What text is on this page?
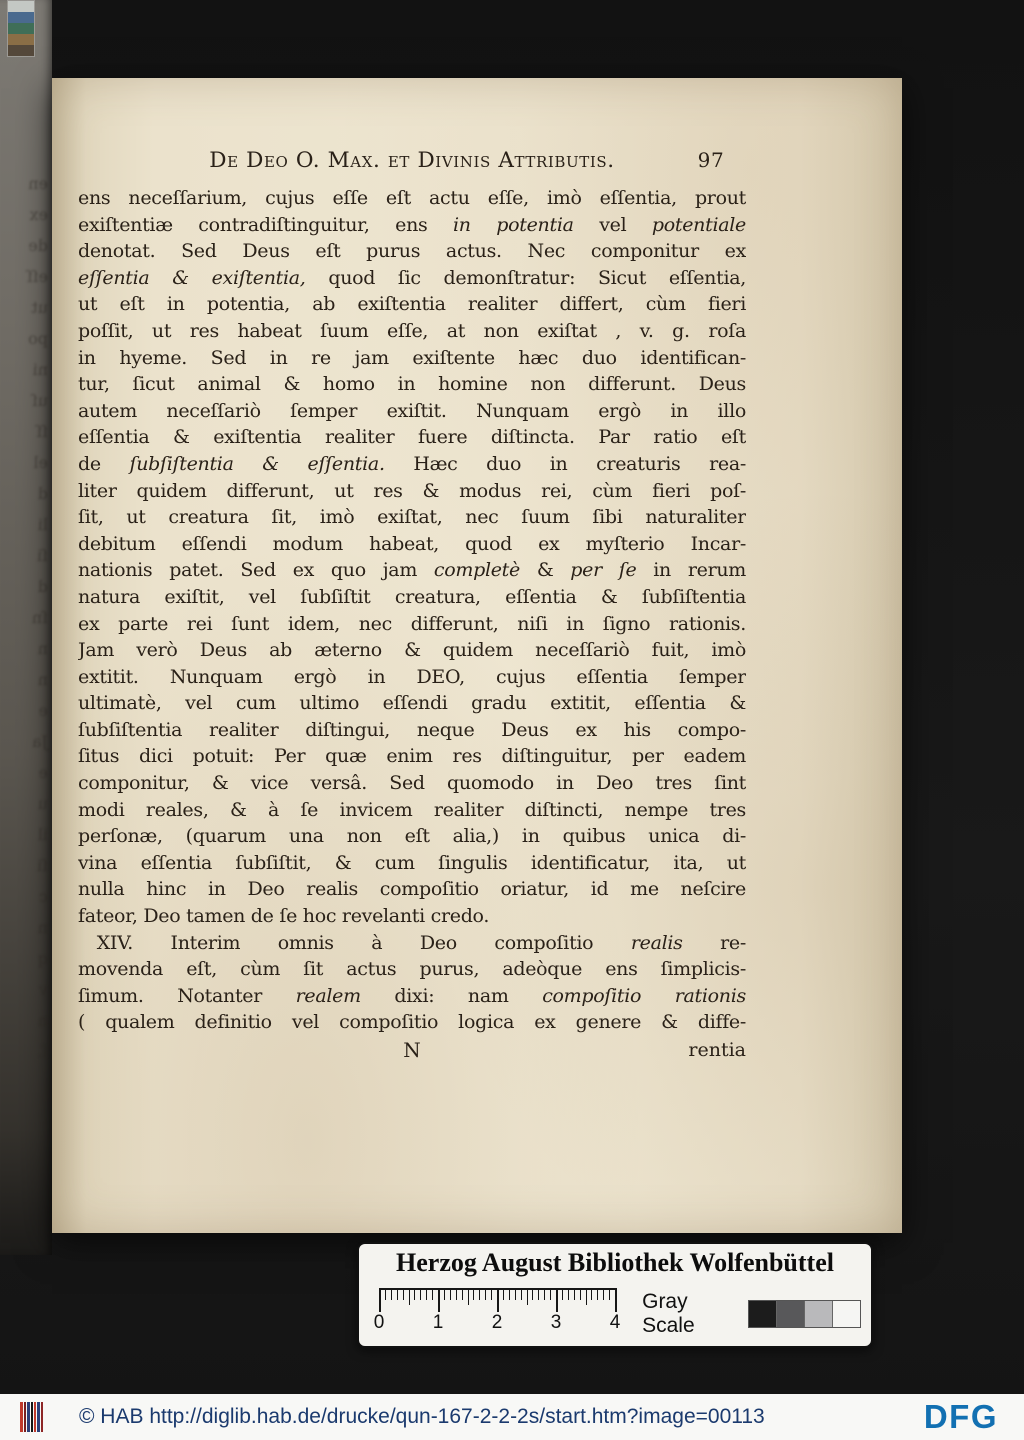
en
ex
de
eſſ
ut
po
ni
uſ
ſſ
el
d
li
ſi
d
ſn
n
n
e
Ja
e
u
il
ſi
c
n
q
v
n
ſ.
De Deo O. Max. et Divinis Attributis.	97
ens neceſſarium, cujus eſſe eſt actu eſſe, imò eſſentia, prout
exiſtentiæ contradiſtinguitur, ens in potentia vel potentiale
denotat. Sed Deus eſt purus actus. Nec componitur ex
eſſentia & exiſtentia, quod ſic demonſtratur: Sicut eſſentia,
ut eſt in potentia, ab exiſtentia realiter differt, cùm fieri
poſſit, ut res habeat ſuum eſſe, at non exiſtat , v. g. roſa
in hyeme. Sed in re jam exiſtente hæc duo identifican-
tur, ſicut animal & homo in homine non differunt. Deus
autem neceſſariò ſemper exiſtit. Nunquam ergò in illo
eſſentia & exiſtentia realiter fuere diſtincta. Par ratio eſt
de ſubſiſtentia & eſſentia. Hæc duo in creaturis rea-
liter quidem differunt, ut res & modus rei, cùm fieri poſ-
ſit, ut creatura ſit, imò exiſtat, nec ſuum ſibi naturaliter
debitum eſſendi modum habeat, quod ex myſterio Incar-
nationis patet. Sed ex quo jam completè & per ſe in rerum
natura exiſtit, vel ſubſiſtit creatura, eſſentia & ſubſiſtentia
ex parte rei ſunt idem, nec differunt, niſi in ſigno rationis.
Jam verò Deus ab æterno & quidem neceſſariò fuit, imò
extitit. Nunquam ergò in DEO, cujus eſſentia ſemper
ultimatè, vel cum ultimo eſſendi gradu extitit, eſſentia &
ſubſiſtentia realiter diſtingui, neque Deus ex his compo-
ſitus dici potuit: Per quæ enim res diſtinguitur, per eadem
componitur, & vice versâ. Sed quomodo in Deo tres ſint
modi reales, & à ſe invicem realiter diſtincti, nempe tres
perſonæ, (quarum una non eſt alia,) in quibus unica di-
vina eſſentia ſubſiſtit, & cum ſingulis identificatur, ita, ut
nulla hinc in Deo realis compoſitio oriatur, id me neſcire
fateor, Deo tamen de ſe hoc revelanti credo.
 XIV. Interim omnis à Deo compoſitio realis re-
movenda eſt, cùm ſit actus purus, adeòque ens ſimplicis-
ſimum. Notanter realem dixi: nam compoſitio rationis
( qualem definitio vel compoſitio logica ex genere & diffe-
N	rentia
Herzog August Bibliothek Wolfenbüttel
0	1	2	3	4
Gray Scale
© HAB http://diglib.hab.de/drucke/qun-167-2-2-2s/start.htm?image=00113	DFG
